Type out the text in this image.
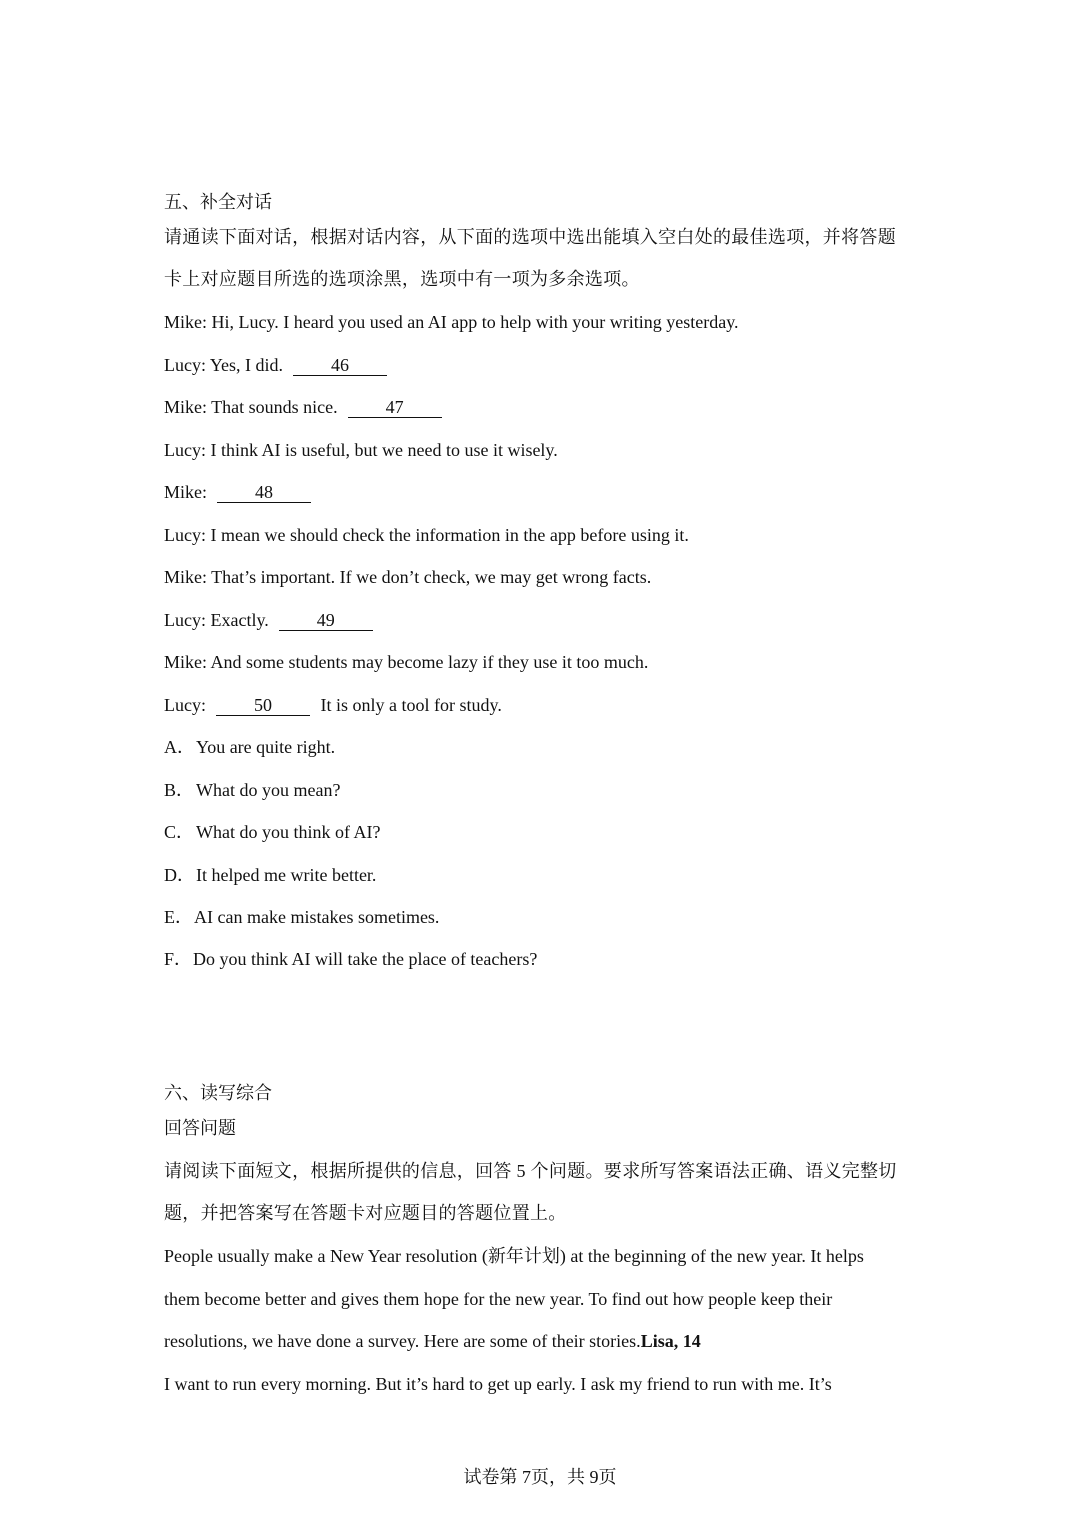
五、补全对话
请通读下面对话，根据对话内容，从下面的选项中选出能填入空白处的最佳选项，并将答题
卡上对应题目所选的选项涂黑，选项中有一项为多余选项。
Mike: Hi, Lucy. I heard you used an AI app to help with your writing yesterday.
Lucy: Yes, I did.	46
Mike: That sounds nice.	47
Lucy: I think AI is useful, but we need to use it wisely.
Mike:	48
Lucy: I mean we should check the information in the app before using it.
Mike: That’s important. If we don’t check, we may get wrong facts.
Lucy: Exactly.	49
Mike: And some students may become lazy if they use it too much.
Lucy:	50	It is only a tool for study.
A．You are quite right.
B． What do you mean?
C． What do you think of AI?
D．It helped me write better.
E．AI can make mistakes sometimes.
F．Do you think AI will take the place of teachers?
六、读写综合
回答问题
请阅读下面短文，根据所提供的信息，回答 5 个问题。要求所写答案语法正确、语义完整切
题，并把答案写在答题卡对应题目的答题位置上。
People usually make a New Year resolution (新年计划) at the beginning of the new year. It helps
them become better and gives them hope for the new year. To find out how people keep their
resolutions, we have done a survey. Here are some of their stories.Lisa, 14
I want to run every morning. But it’s hard to get up early. I ask my friend to run with me. It’s
试卷第 7页，共 9页
